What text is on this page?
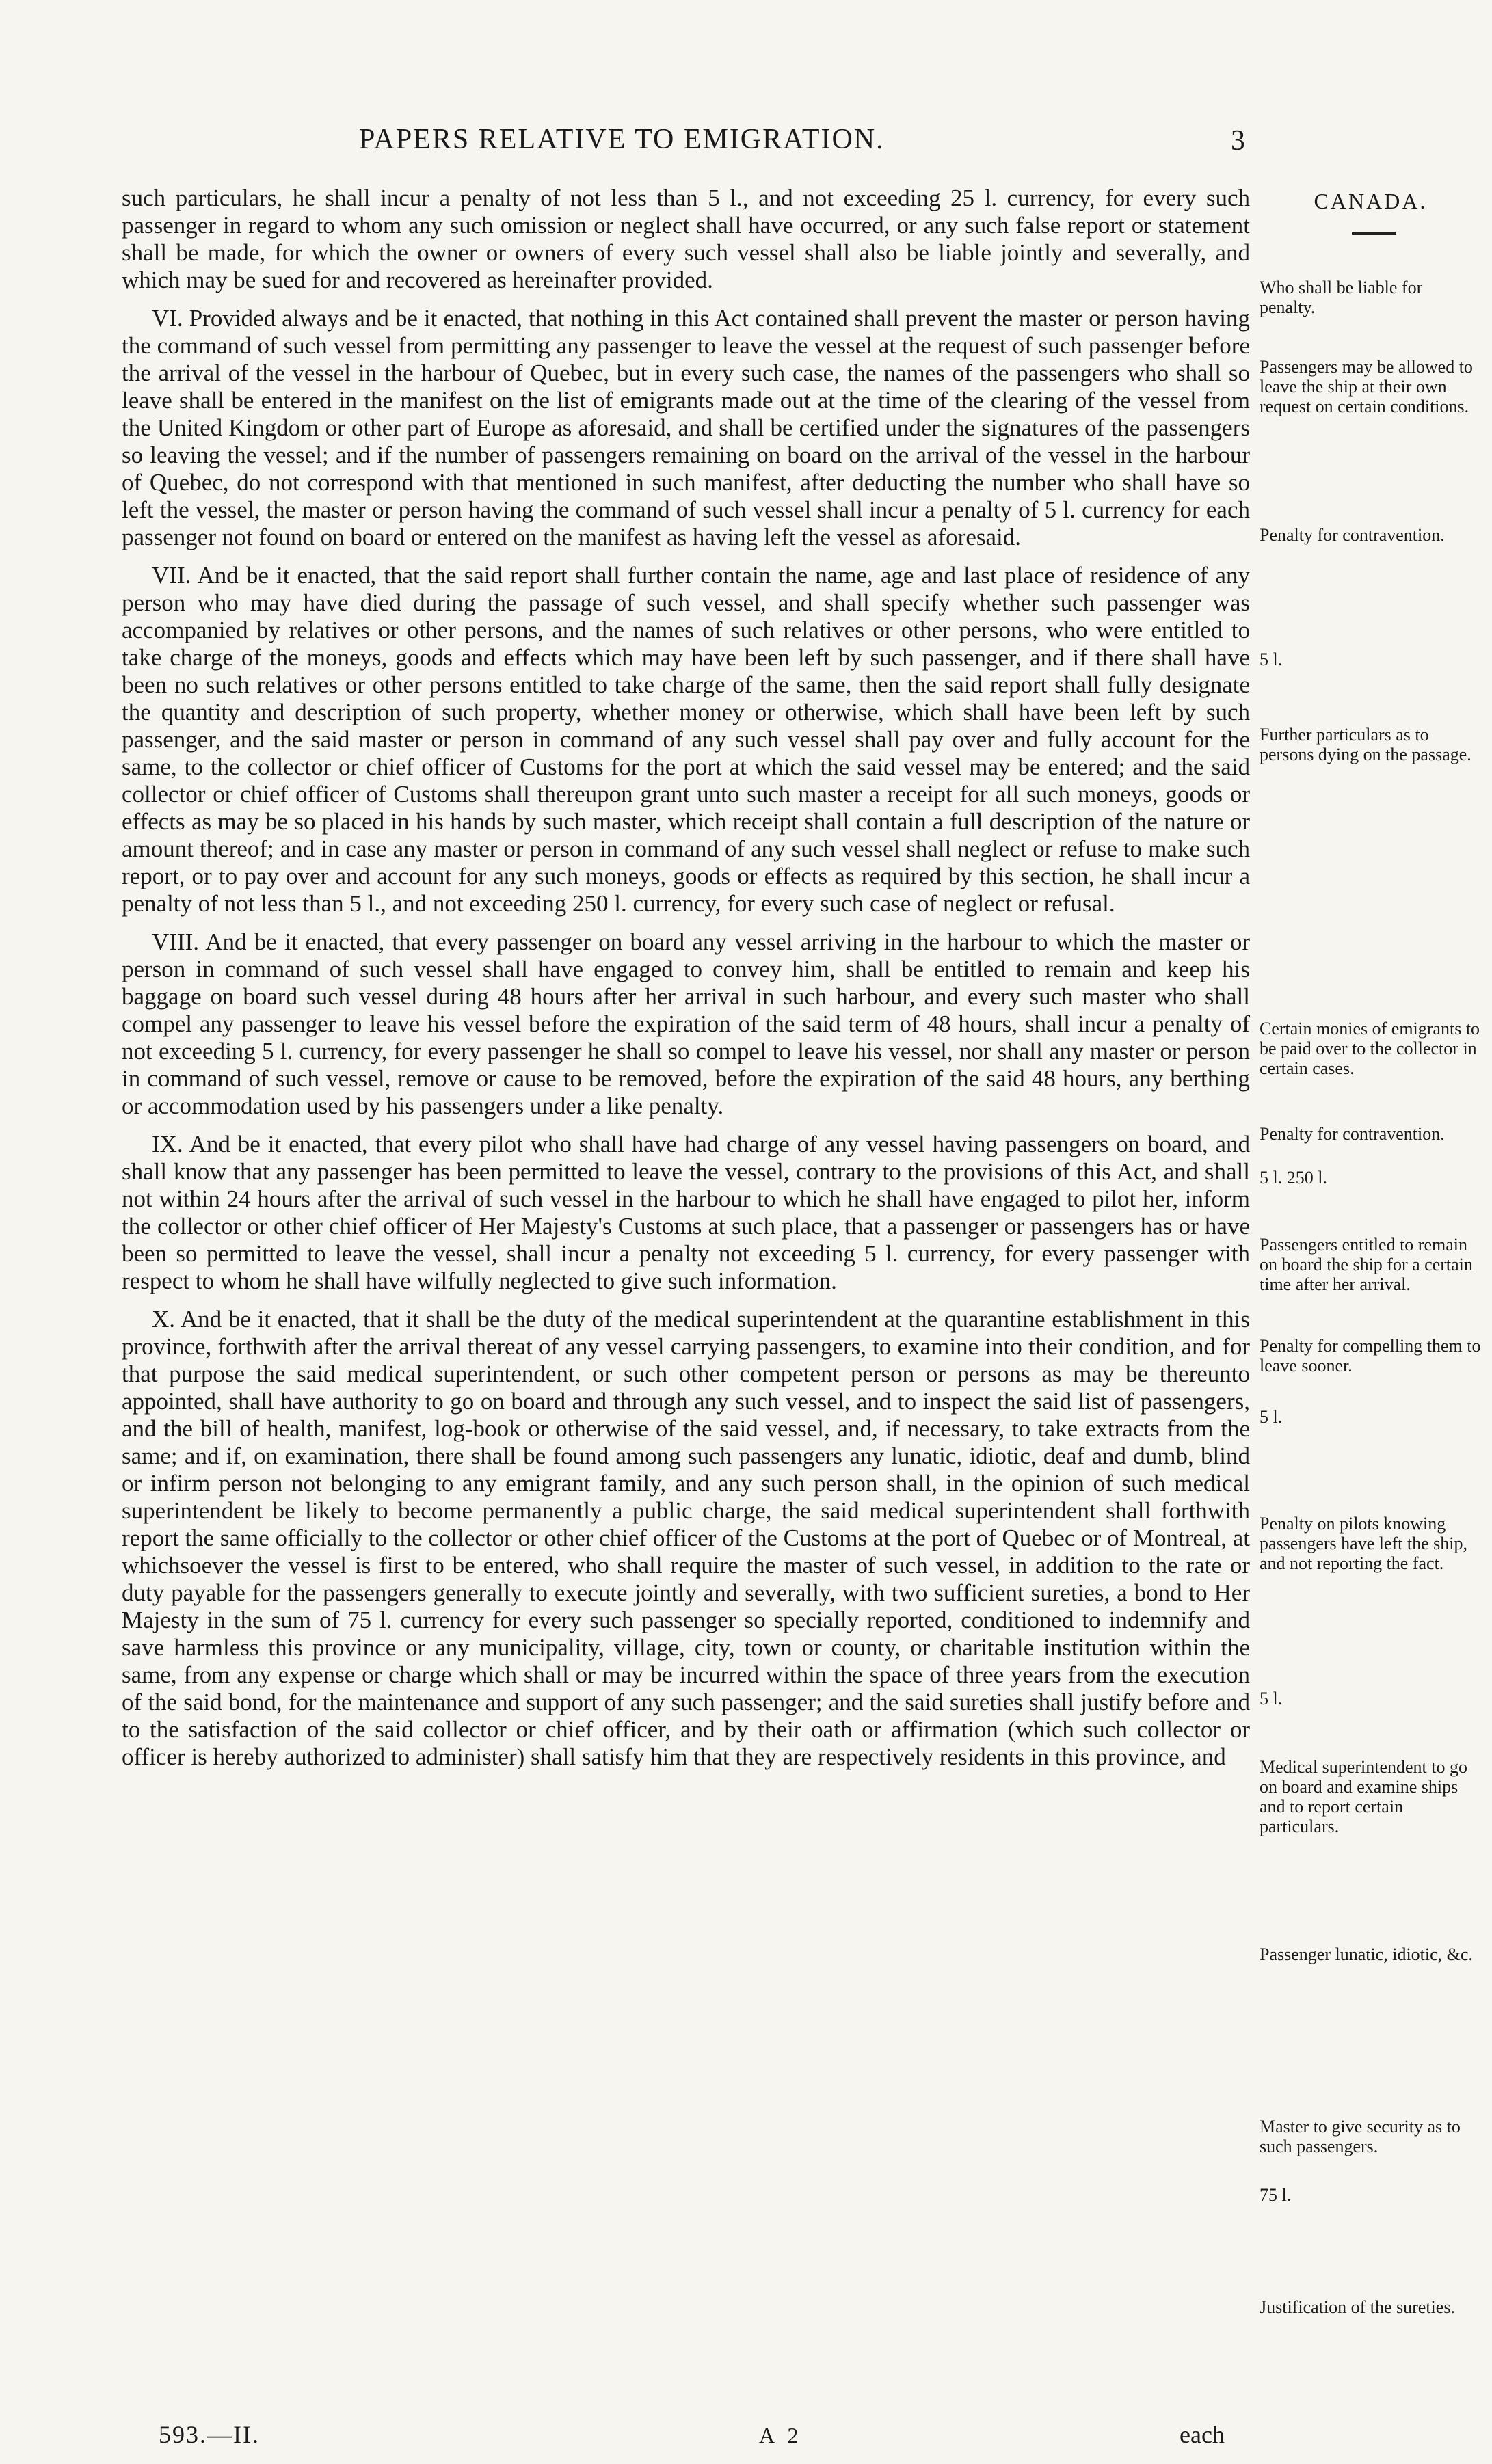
PAPERS RELATIVE TO EMIGRATION.	3

such particulars, he shall incur a penalty of not less than 5 l., and not exceeding 25 l. currency, for every such passenger in regard to whom any such omission or neglect shall have occurred, or any such false report or statement shall be made, for which the owner or owners of every such vessel shall also be liable jointly and severally, and which may be sued for and recovered as hereinafter provided.

VI. Provided always and be it enacted, that nothing in this Act contained shall prevent the master or person having the command of such vessel from permitting any passenger to leave the vessel at the request of such passenger before the arrival of the vessel in the harbour of Quebec, but in every such case, the names of the passengers who shall so leave shall be entered in the manifest on the list of emigrants made out at the time of the clearing of the vessel from the United Kingdom or other part of Europe as aforesaid, and shall be certified under the signatures of the passengers so leaving the vessel; and if the number of passengers remaining on board on the arrival of the vessel in the harbour of Quebec, do not correspond with that mentioned in such manifest, after deducting the number who shall have so left the vessel, the master or person having the command of such vessel shall incur a penalty of 5 l. currency for each passenger not found on board or entered on the manifest as having left the vessel as aforesaid.

VII. And be it enacted, that the said report shall further contain the name, age and last place of residence of any person who may have died during the passage of such vessel, and shall specify whether such passenger was accompanied by relatives or other persons, and the names of such relatives or other persons, who were entitled to take charge of the moneys, goods and effects which may have been left by such passenger, and if there shall have been no such relatives or other persons entitled to take charge of the same, then the said report shall fully designate the quantity and description of such property, whether money or otherwise, which shall have been left by such passenger, and the said master or person in command of any such vessel shall pay over and fully account for the same, to the collector or chief officer of Customs for the port at which the said vessel may be entered; and the said collector or chief officer of Customs shall thereupon grant unto such master a receipt for all such moneys, goods or effects as may be so placed in his hands by such master, which receipt shall contain a full description of the nature or amount thereof; and in case any master or person in command of any such vessel shall neglect or refuse to make such report, or to pay over and account for any such moneys, goods or effects as required by this section, he shall incur a penalty of not less than 5 l., and not exceeding 250 l. currency, for every such case of neglect or refusal.

VIII. And be it enacted, that every passenger on board any vessel arriving in the harbour to which the master or person in command of such vessel shall have engaged to convey him, shall be entitled to remain and keep his baggage on board such vessel during 48 hours after her arrival in such harbour, and every such master who shall compel any passenger to leave his vessel before the expiration of the said term of 48 hours, shall incur a penalty of not exceeding 5 l. currency, for every passenger he shall so compel to leave his vessel, nor shall any master or person in command of such vessel, remove or cause to be removed, before the expiration of the said 48 hours, any berthing or accommodation used by his passengers under a like penalty.

IX. And be it enacted, that every pilot who shall have had charge of any vessel having passengers on board, and shall know that any passenger has been permitted to leave the vessel, contrary to the provisions of this Act, and shall not within 24 hours after the arrival of such vessel in the harbour to which he shall have engaged to pilot her, inform the collector or other chief officer of Her Majesty's Customs at such place, that a passenger or passengers has or have been so permitted to leave the vessel, shall incur a penalty not exceeding 5 l. currency, for every passenger with respect to whom he shall have wilfully neglected to give such information.

X. And be it enacted, that it shall be the duty of the medical superintendent at the quarantine establishment in this province, forthwith after the arrival thereat of any vessel carrying passengers, to examine into their condition, and for that purpose the said medical superintendent, or such other competent person or persons as may be thereunto appointed, shall have authority to go on board and through any such vessel, and to inspect the said list of passengers, and the bill of health, manifest, log-book or otherwise of the said vessel, and, if necessary, to take extracts from the same; and if, on examination, there shall be found among such passengers any lunatic, idiotic, deaf and dumb, blind or infirm person not belonging to any emigrant family, and any such person shall, in the opinion of such medical superintendent be likely to become permanently a public charge, the said medical superintendent shall forthwith report the same officially to the collector or other chief officer of the Customs at the port of Quebec or of Montreal, at whichsoever the vessel is first to be entered, who shall require the master of such vessel, in addition to the rate or duty payable for the passengers generally to execute jointly and severally, with two sufficient sureties, a bond to Her Majesty in the sum of 75 l. currency for every such passenger so specially reported, conditioned to indemnify and save harmless this province or any municipality, village, city, town or county, or charitable institution within the same, from any expense or charge which shall or may be incurred within the space of three years from the execution of the said bond, for the maintenance and support of any such passenger; and the said sureties shall justify before and to the satisfaction of the said collector or chief officer, and by their oath or affirmation (which such collector or officer is hereby authorized to administer) shall satisfy him that they are respectively residents in this province, and

CANADA.
Who shall be liable for penalty.
Passengers may be allowed to leave the ship at their own request on certain conditions.
Penalty for contravention.
5 l.
Further particulars as to persons dying on the passage.
Certain monies of emigrants to be paid over to the collector in certain cases.
Penalty for contravention.
5 l. 250 l.
Passengers entitled to remain on board the ship for a certain time after her arrival.
Penalty for compelling them to leave sooner.
5 l.
Penalty on pilots knowing passengers have left the ship, and not reporting the fact.
5 l.
Medical superintendent to go on board and examine ships and to report certain particulars.
Passenger lunatic, idiotic, &c.
Master to give security as to such passengers.
75 l.
Justification of the sureties.
593.—II.	A 2	each
